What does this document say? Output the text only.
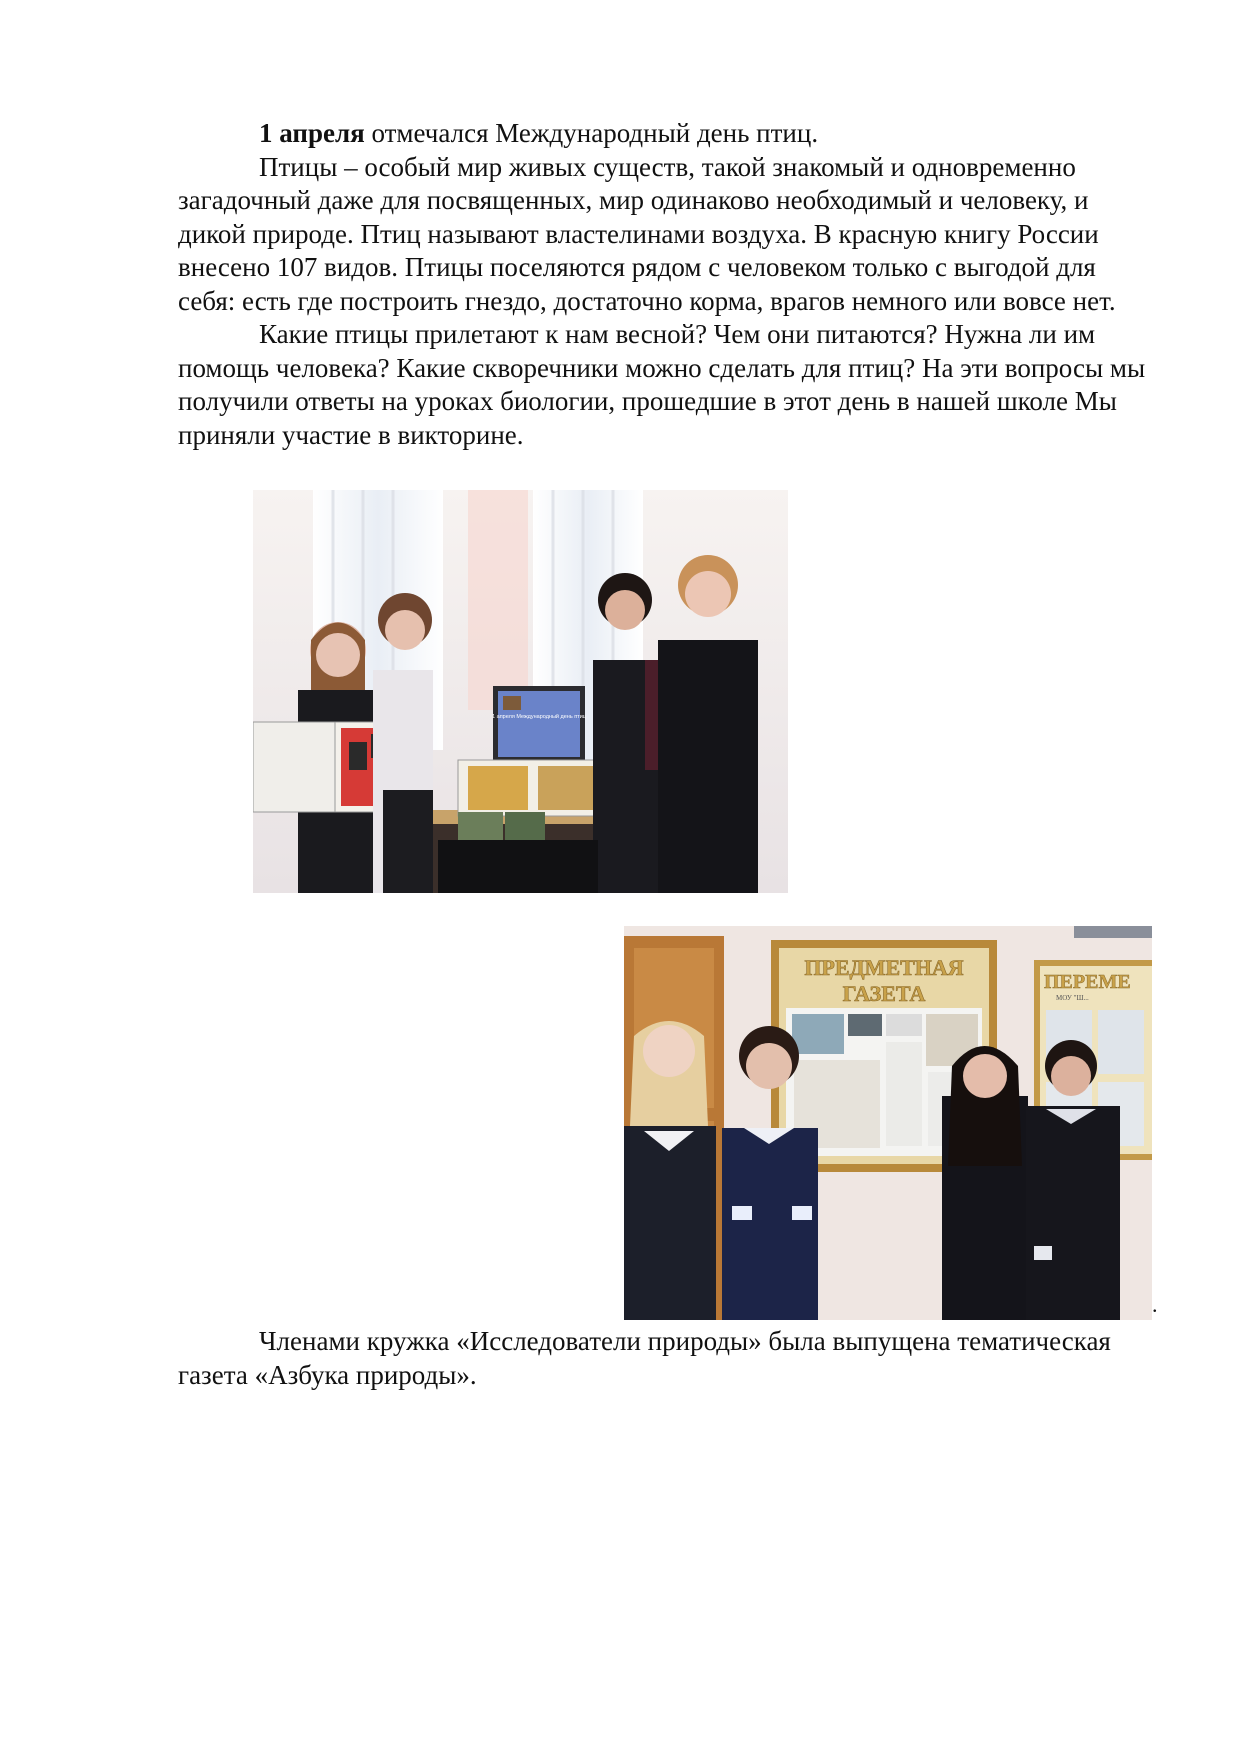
1 апреля отмечался Международный день птиц.

Птицы – особый мир живых существ, такой знакомый и одновременно загадочный даже для посвященных, мир одинаково необходимый и человеку, и дикой природе. Птиц называют властелинами воздуха. В красную книгу России внесено 107 видов. Птицы поселяются рядом с человеком только с выгодой для себя: есть где построить гнездо, достаточно корма, врагов немного или вовсе нет.

Какие птицы прилетают к нам весной? Чем они питаются? Нужна ли им помощь человека? Какие скворечники можно сделать для птиц? На эти вопросы мы получили ответы на уроках биологии, прошедшие в этот день в нашей школе Мы приняли участие в викторине.

1 апреля Международный день птиц
ПРЕДМЕТНАЯ
ГАЗЕТА	ПЕРЕМЕ
МОУ "Ш...
.

Членами кружка «Исследователи природы» была выпущена тематическая газета «Азбука природы».
